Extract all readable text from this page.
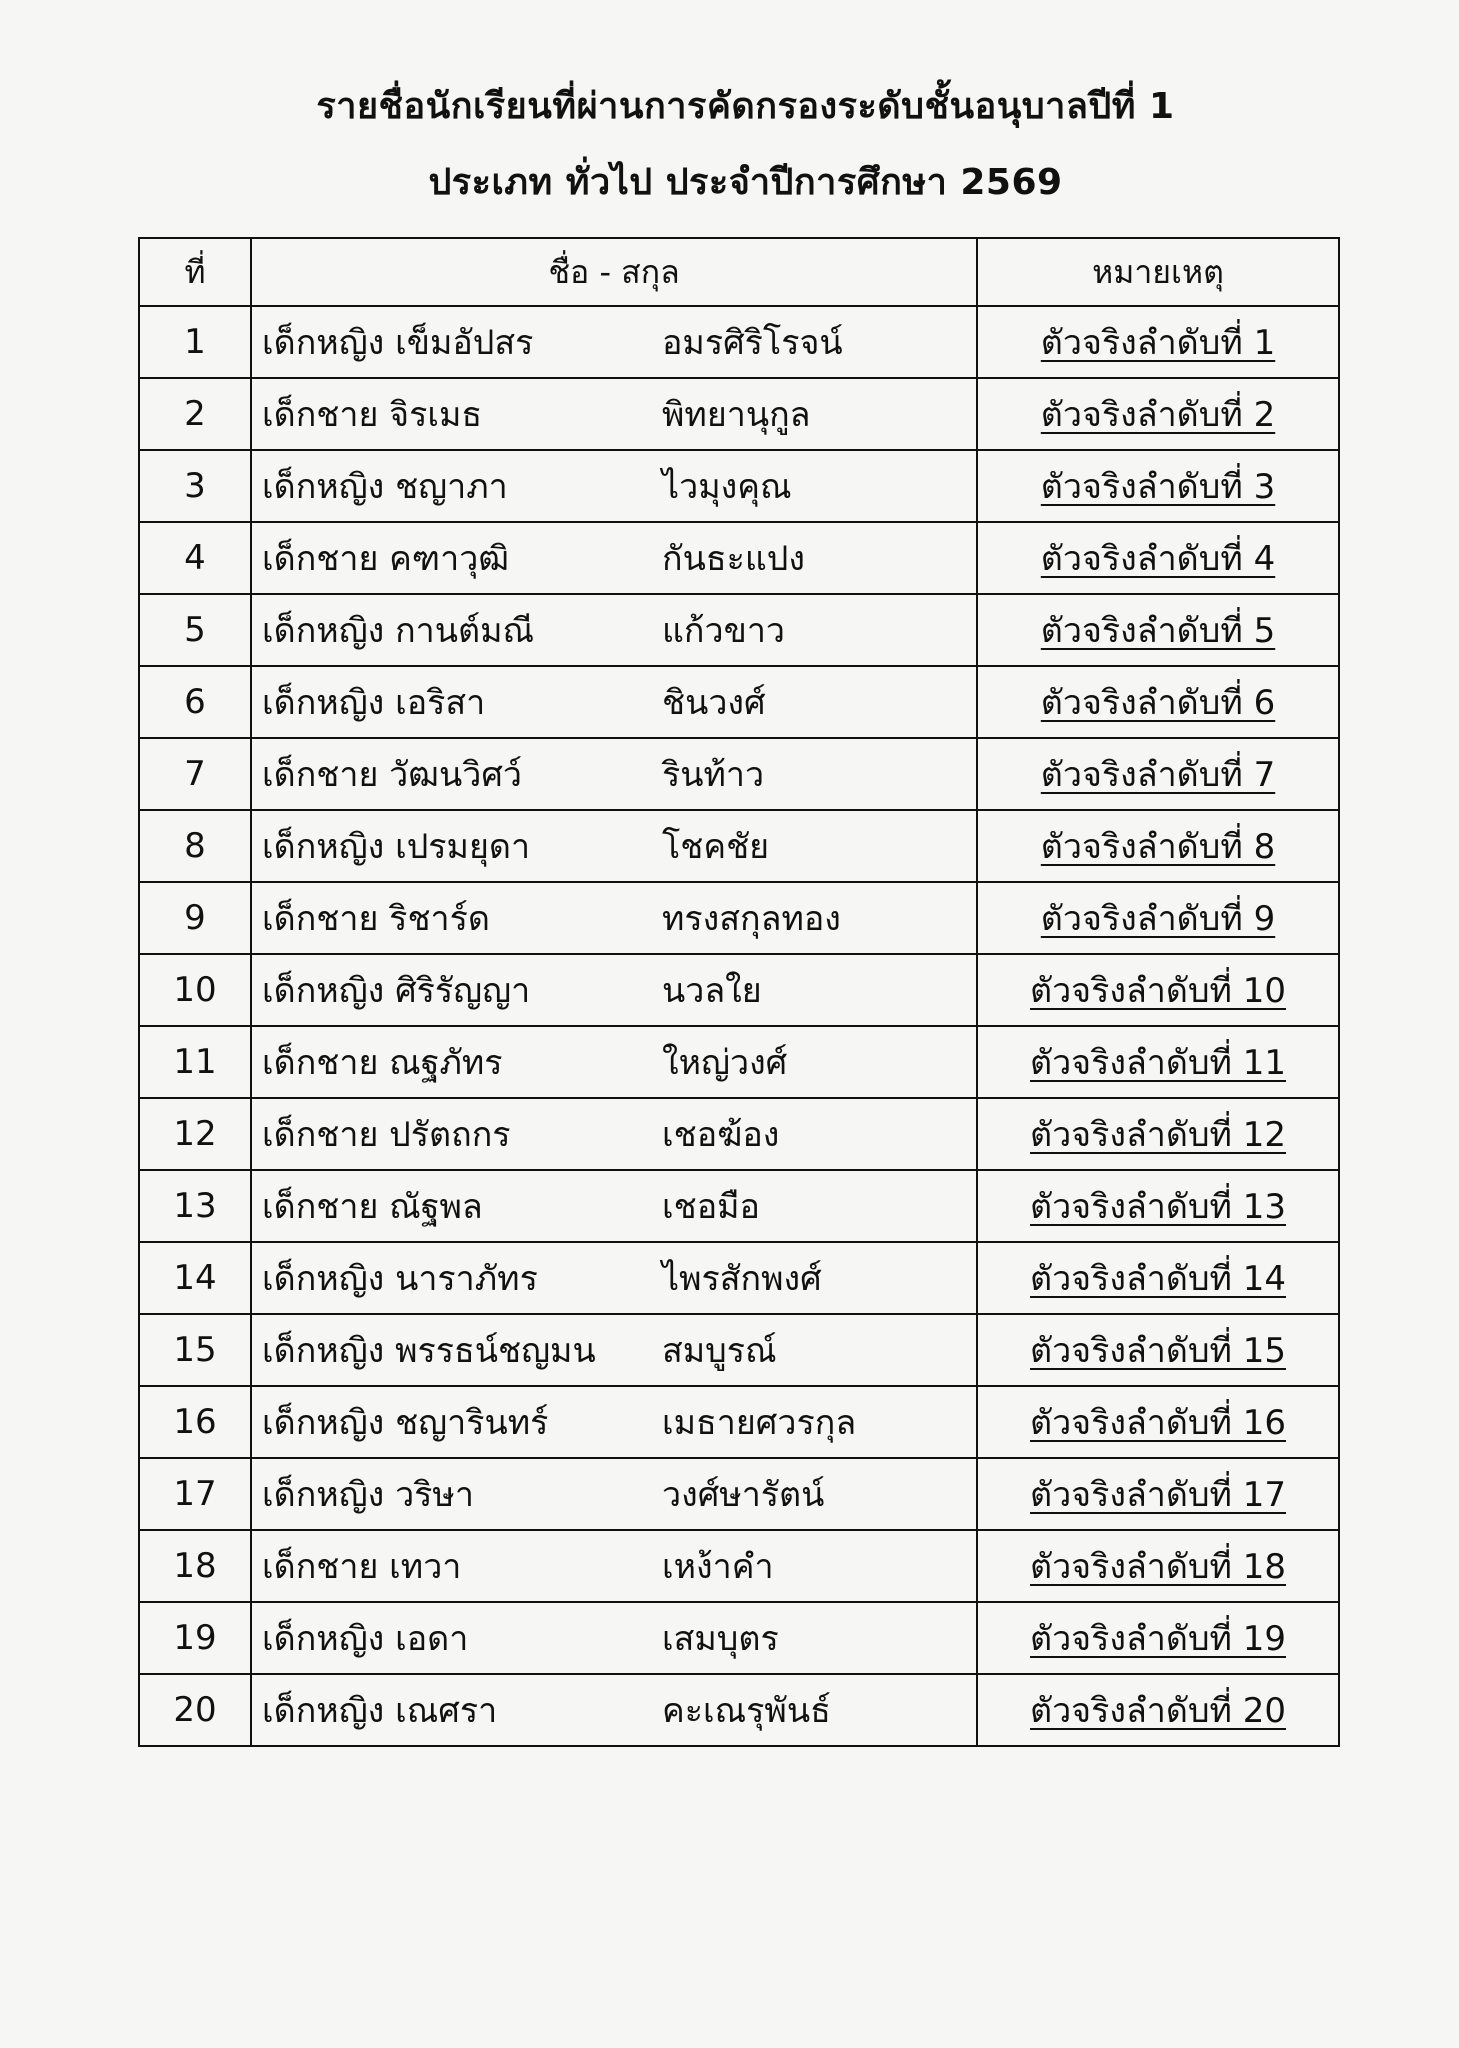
รายชื่อนักเรียนที่ผ่านการคัดกรองระดับชั้นอนุบาลปีที่ 1
ประเภท ทั่วไป ประจำปีการศึกษา 2569
ที่	ชื่อ - สกุล	หมายเหตุ
1	เด็กหญิง เข็มอัปสร อมรศิริโรจน์	ตัวจริงลำดับที่ 1
2	เด็กชาย จิรเมธ พิทยานุกูล	ตัวจริงลำดับที่ 2
3	เด็กหญิง ชญาภา ไวมุงคุณ	ตัวจริงลำดับที่ 3
4	เด็กชาย คฑาวุฒิ กันธะแปง	ตัวจริงลำดับที่ 4
5	เด็กหญิง กานต์มณี แก้วขาว	ตัวจริงลำดับที่ 5
6	เด็กหญิง เอริสา ชินวงศ์	ตัวจริงลำดับที่ 6
7	เด็กชาย วัฒนวิศว์ รินท้าว	ตัวจริงลำดับที่ 7
8	เด็กหญิง เปรมยุดา โชคชัย	ตัวจริงลำดับที่ 8
9	เด็กชาย ริชาร์ด ทรงสกุลทอง	ตัวจริงลำดับที่ 9
10	เด็กหญิง ศิริรัญญา นวลใย	ตัวจริงลำดับที่ 10
11	เด็กชาย ณฐภัทร ใหญ่วงศ์	ตัวจริงลำดับที่ 11
12	เด็กชาย ปรัตถกร เชอฆ้อง	ตัวจริงลำดับที่ 12
13	เด็กชาย ณัฐพล เชอมือ	ตัวจริงลำดับที่ 13
14	เด็กหญิง นาราภัทร ไพรสักพงศ์	ตัวจริงลำดับที่ 14
15	เด็กหญิง พรรธน์ชญมน สมบูรณ์	ตัวจริงลำดับที่ 15
16	เด็กหญิง ชญารินทร์ เมธายศวรกุล	ตัวจริงลำดับที่ 16
17	เด็กหญิง วริษา วงศ์ษารัตน์	ตัวจริงลำดับที่ 17
18	เด็กชาย เทวา เหง้าคำ	ตัวจริงลำดับที่ 18
19	เด็กหญิง เอดา เสมบุตร	ตัวจริงลำดับที่ 19
20	เด็กหญิง เณศรา คะเณรุพันธ์	ตัวจริงลำดับที่ 20
